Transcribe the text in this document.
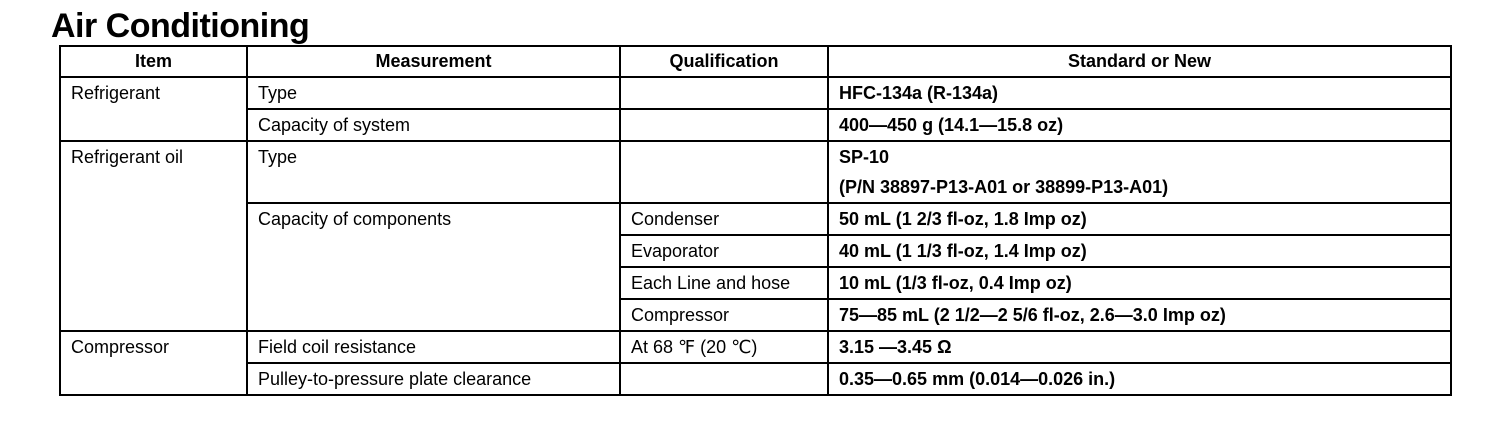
Air Conditioning
Item	Measurement	Qualification	Standard or New
Refrigerant	Type		HFC-134a (R-134a)
	Capacity of system		400—450 g (14.1—15.8 oz)
Refrigerant oil	Type		SP-10
			(P/N 38897-P13-A01 or 38899-P13-A01)
	Capacity of components	Condenser	50 mL (1 2/3 fl-oz, 1.8 Imp oz)
		Evaporator	40 mL (1 1/3 fl-oz, 1.4 Imp oz)
		Each Line and hose	10 mL (1/3 fl-oz, 0.4 Imp oz)
		Compressor	75—85 mL (2 1/2—2 5/6 fl-oz, 2.6—3.0 Imp oz)
Compressor	Field coil resistance	At 68 ℉ (20 ℃)	3.15 —3.45 Ω
	Pulley-to-pressure plate clearance		0.35—0.65 mm (0.014—0.026 in.)
